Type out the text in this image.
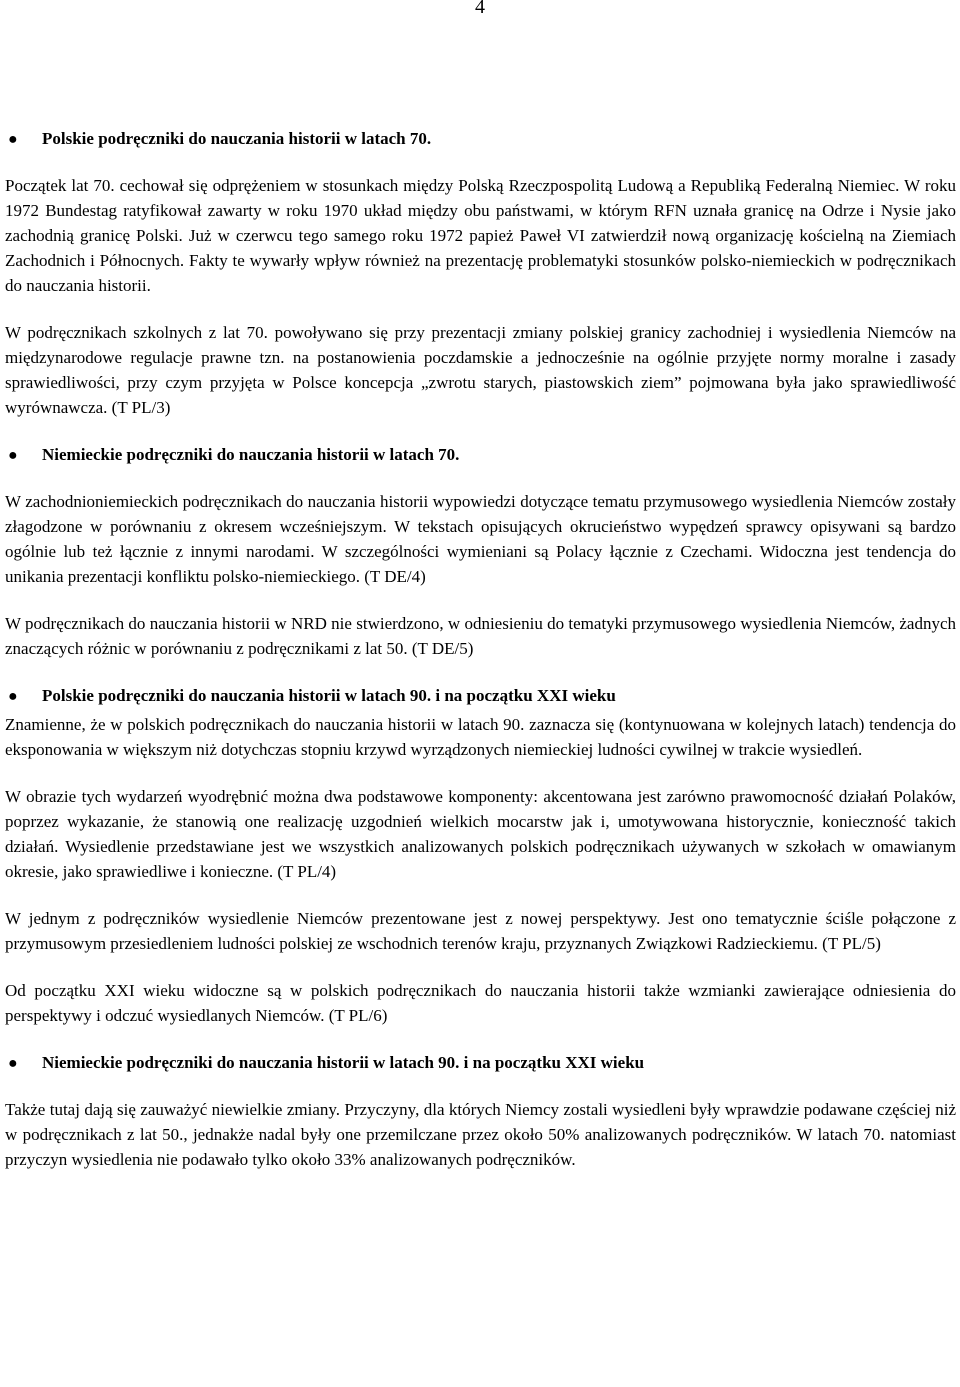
4
●	Polskie podręczniki do nauczania historii w latach 70.

Początek lat 70. cechował się odprężeniem w stosunkach między Polską Rzeczpospolitą Ludową a Republiką Federalną Niemiec. W roku 1972 Bundestag ratyfikował zawarty w roku 1970 układ między obu państwami, w którym RFN uznała granicę na Odrze i Nysie jako zachodnią granicę Polski. Już w czerwcu tego samego roku 1972 papież Paweł VI zatwierdził nową organizację kościelną na Ziemiach Zachodnich i Północnych. Fakty te wywarły wpływ również na prezentację problematyki stosunków polsko-niemieckich w podręcznikach do nauczania historii.

W podręcznikach szkolnych z lat 70. powoływano się przy prezentacji zmiany polskiej granicy zachodniej i wysiedlenia Niemców na międzynarodowe regulacje prawne tzn. na postanowienia poczdamskie a jednocześnie na ogólnie przyjęte normy moralne i zasady sprawiedliwości, przy czym przyjęta w Polsce koncepcja „zwrotu starych, piastowskich ziem” pojmowana była jako sprawiedliwość wyrównawcza. (T PL/3)

●	Niemieckie podręczniki do nauczania historii w latach 70.

W zachodnioniemieckich podręcznikach do nauczania historii wypowiedzi dotyczące tematu przymusowego wysiedlenia Niemców zostały złagodzone w porównaniu z okresem wcześniejszym. W tekstach opisujących okrucieństwo wypędzeń sprawcy opisywani są bardzo ogólnie lub też łącznie z innymi narodami. W szczególności wymieniani są Polacy łącznie z Czechami. Widoczna jest tendencja do unikania prezentacji konfliktu polsko-niemieckiego. (T DE/4)

W podręcznikach do nauczania historii w NRD nie stwierdzono, w odniesieniu do tematyki przymusowego wysiedlenia Niemców, żadnych znaczących różnic w porównaniu z podręcznikami z lat 50. (T DE/5)

●	Polskie podręczniki do nauczania historii w latach 90. i na początku XXI wieku

Znamienne, że w polskich podręcznikach do nauczania historii w latach 90. zaznacza się (kontynuowana w kolejnych latach) tendencja do eksponowania w większym niż dotychczas stopniu krzywd wyrządzonych niemieckiej ludności cywilnej w trakcie wysiedleń.

W obrazie tych wydarzeń wyodrębnić można dwa podstawowe komponenty: akcentowana jest zarówno prawomocność działań Polaków, poprzez wykazanie, że stanowią one realizację uzgodnień wielkich mocarstw jak i, umotywowana historycznie, konieczność takich działań. Wysiedlenie przedstawiane jest we wszystkich analizowanych polskich podręcznikach używanych w szkołach w omawianym okresie, jako sprawiedliwe i konieczne. (T PL/4)

W jednym z podręczników wysiedlenie Niemców prezentowane jest z nowej perspektywy. Jest ono tematycznie ściśle połączone z przymusowym przesiedleniem ludności polskiej ze wschodnich terenów kraju, przyznanych Związkowi Radzieckiemu. (T PL/5)

Od początku XXI wieku widoczne są w polskich podręcznikach do nauczania historii także wzmianki zawierające odniesienia do perspektywy i odczuć wysiedlanych Niemców. (T PL/6)

●	Niemieckie podręczniki do nauczania historii w latach 90. i na początku XXI wieku

Także tutaj dają się zauważyć niewielkie zmiany. Przyczyny, dla których Niemcy zostali wysiedleni były wprawdzie podawane częściej niż w podręcznikach z lat 50., jednakże nadal były one przemilczane przez około 50% analizowanych podręczników. W latach 70. natomiast przyczyn wysiedlenia nie podawało tylko około 33% analizowanych podręczników.
